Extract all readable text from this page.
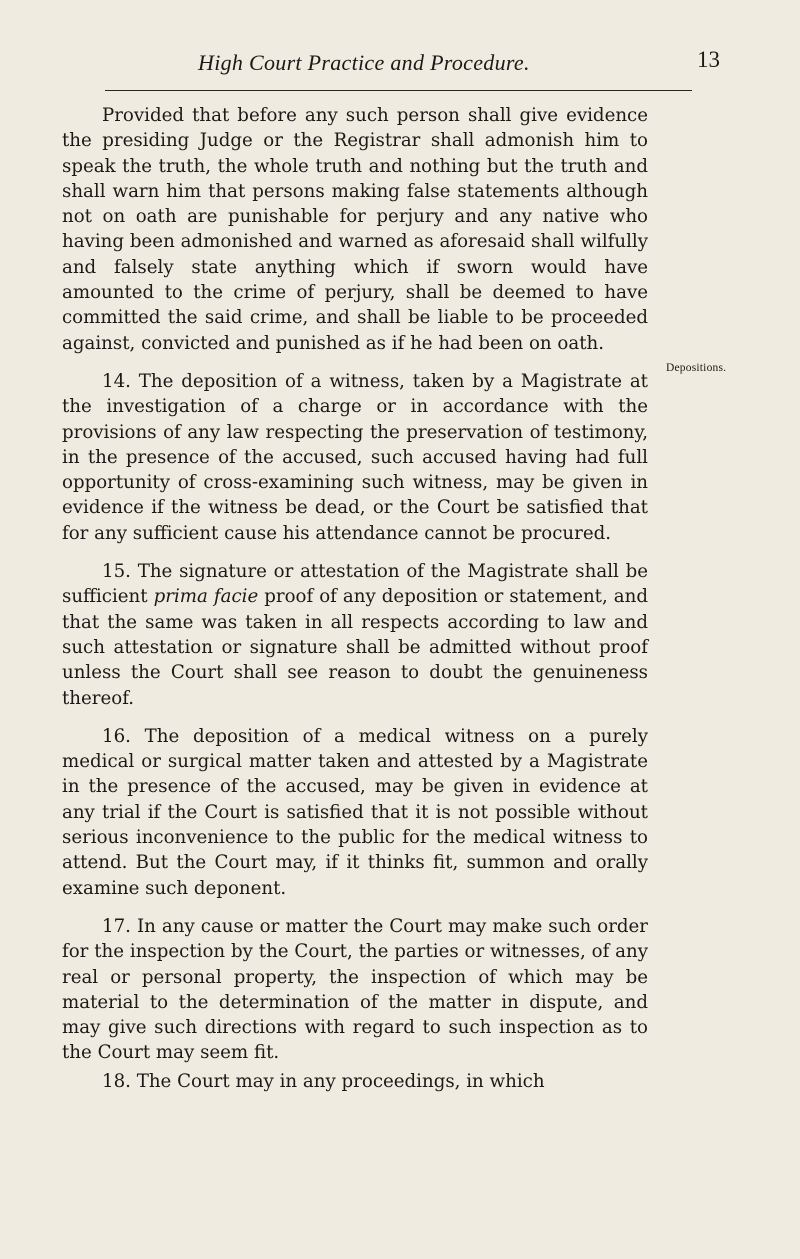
High Court Practice and Procedure.	13
Depositions.

Provided that before any such person shall give evidence the presiding Judge or the Registrar shall admonish him to speak the truth, the whole truth and nothing but the truth and shall warn him that persons making false statements although not on oath are punishable for perjury and any native who having been admonished and warned as aforesaid shall wilfully and falsely state anything which if sworn would have amounted to the crime of perjury, shall be deemed to have committed the said crime, and shall be liable to be proceeded against, convicted and punished as if he had been on oath.

14. The deposition of a witness, taken by a Magistrate at the investigation of a charge or in accordance with the provisions of any law respecting the preservation of testimony, in the presence of the accused, such accused having had full opportunity of cross-examining such witness, may be given in evidence if the witness be dead, or the Court be satisfied that for any sufficient cause his attendance cannot be procured.

15. The signature or attestation of the Magistrate shall be sufficient prima facie proof of any deposition or statement, and that the same was taken in all respects according to law and such attestation or signature shall be admitted without proof unless the Court shall see reason to doubt the genuineness thereof.

16. The deposition of a medical witness on a purely medical or surgical matter taken and attested by a Magistrate in the presence of the accused, may be given in evidence at any trial if the Court is satisfied that it is not possible without serious inconvenience to the public for the medical witness to attend. But the Court may, if it thinks fit, summon and orally examine such deponent.

17. In any cause or matter the Court may make such order for the inspection by the Court, the parties or witnesses, of any real or personal property, the inspection of which may be material to the determination of the matter in dispute, and may give such directions with regard to such inspection as to the Court may seem fit.

18. The Court may in any proceedings, in which
